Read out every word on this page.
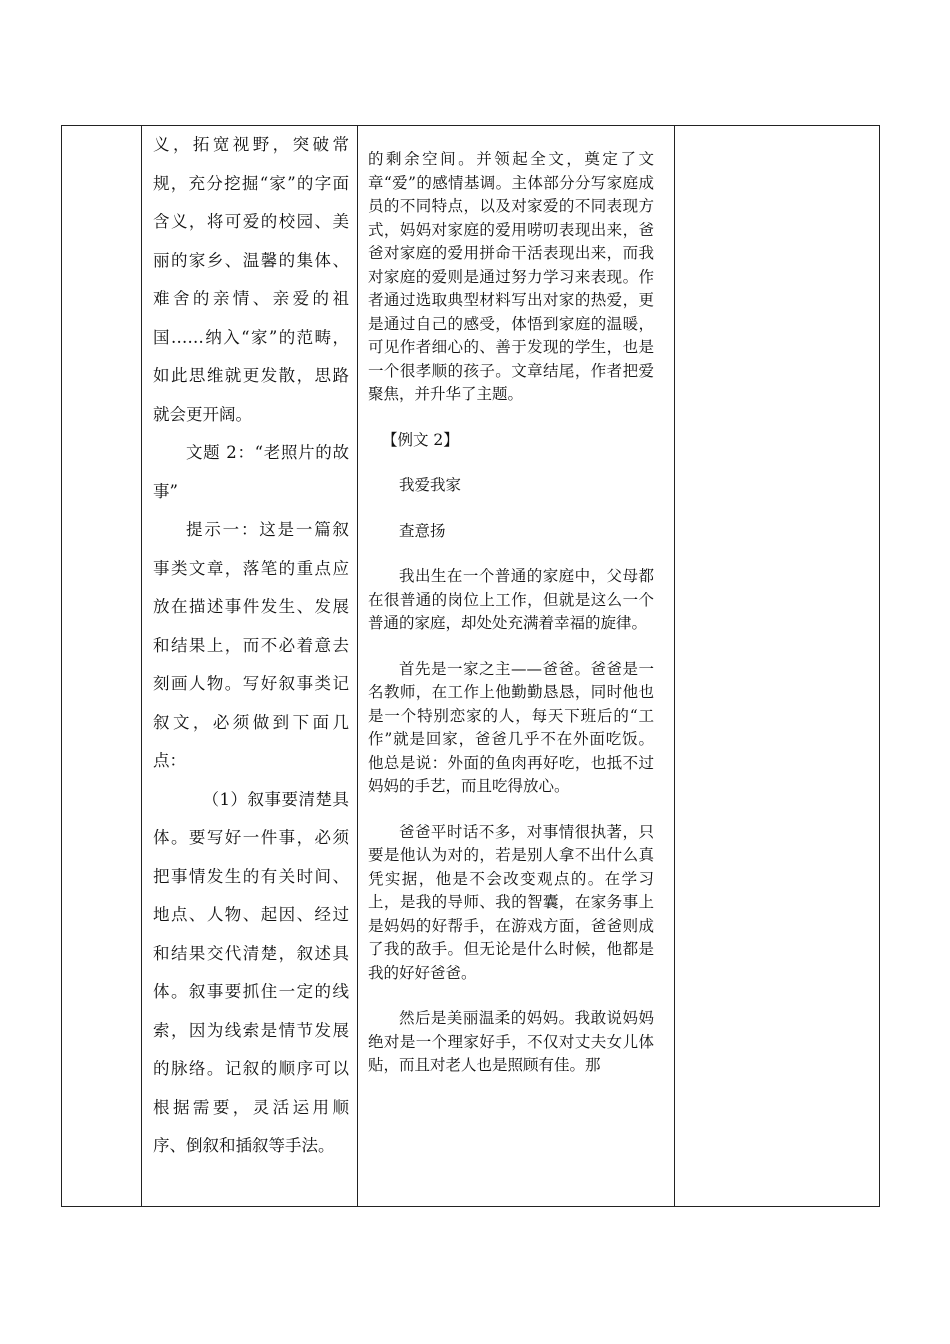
义，拓宽视野，突破常规，充分挖掘“家”的字面含义，将可爱的校园、美丽的家乡、温馨的集体、难舍的亲情、亲爱的祖国……纳入“家”的范畴，如此思维就更发散，思路就会更开阔。

文题 2：“老照片的故事”

提示一：这是一篇叙事类文章，落笔的重点应放在描述事件发生、发展和结果上，而不必着意去刻画人物。写好叙事类记叙文，必须做到下面几点：

（1）叙事要清楚具体。要写好一件事，必须把事情发生的有关时间、地点、人物、起因、经过和结果交代清楚，叙述具体。叙事要抓住一定的线索，因为线索是情节发展的脉络。记叙的顺序可以根据需要，灵活运用顺序、倒叙和插叙等手法。

的剩余空间。并领起全文，奠定了文章“爱”的感情基调。主体部分分写家庭成员的不同特点，以及对家爱的不同表现方式，妈妈对家庭的爱用唠叨表现出来，爸爸对家庭的爱用拼命干活表现出来，而我对家庭的爱则是通过努力学习来表现。作者通过选取典型材料写出对家的热爱，更是通过自己的感受，体悟到家庭的温暖，可见作者细心的、善于发现的学生，也是一个很孝顺的孩子。文章结尾，作者把爱聚焦，并升华了主题。

【例文 2】

我爱我家

查意扬

我出生在一个普通的家庭中，父母都在很普通的岗位上工作，但就是这么一个普通的家庭，却处处充满着幸福的旋律。

首先是一家之主——爸爸。爸爸是一名教师，在工作上他勤勤恳恳，同时他也是一个特别恋家的人，每天下班后的“工作”就是回家，爸爸几乎不在外面吃饭。他总是说：外面的鱼肉再好吃，也抵不过妈妈的手艺，而且吃得放心。

爸爸平时话不多，对事情很执著，只要是他认为对的，若是别人拿不出什么真凭实据，他是不会改变观点的。在学习上，是我的导师、我的智囊，在家务事上是妈妈的好帮手，在游戏方面，爸爸则成了我的敌手。但无论是什么时候，他都是我的好好爸爸。

然后是美丽温柔的妈妈。我敢说妈妈绝对是一个理家好手，不仅对丈夫女儿体贴，而且对老人也是照顾有佳。那
